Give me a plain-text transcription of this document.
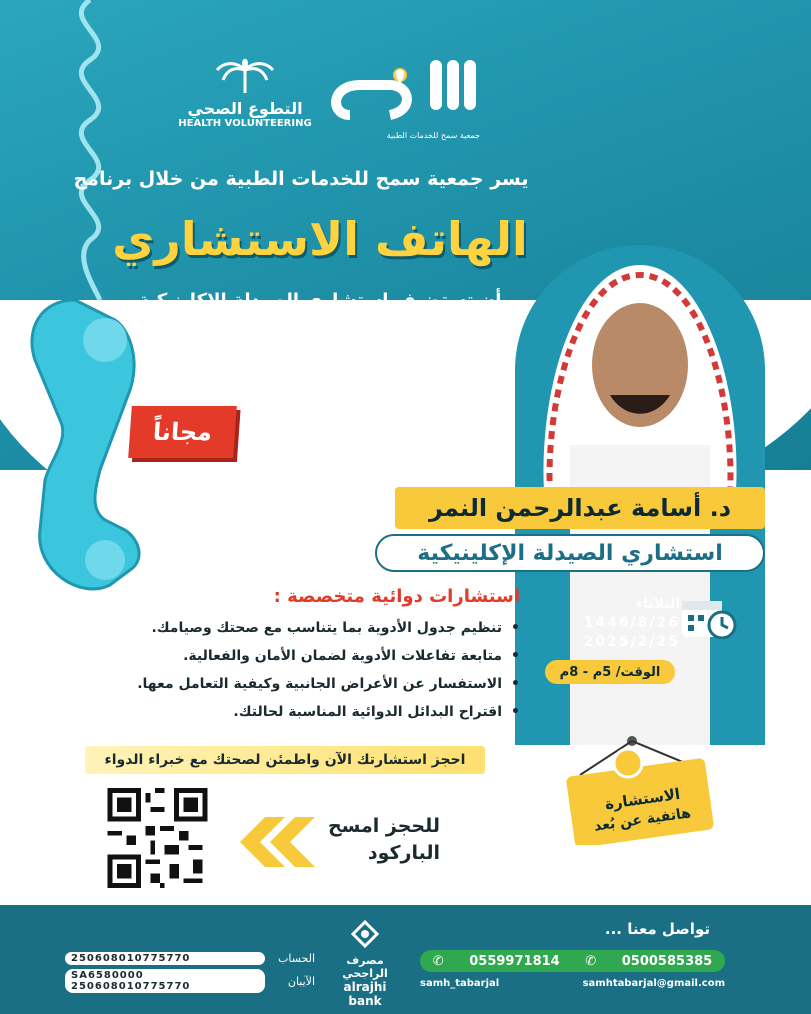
جمعية سمح للخدمات الطبية
التطوع الصحي
HEALTH VOLUNTEERING
يسر جمعية سمح للخدمات الطبية من خلال برنامج
الهاتف الاستشاري
أن تستضيف استشاري الصيدلة الإكلينيكية
مجاناً
د. أسامة عبدالرحمن النمر
استشاري الصيدلة الإكلينيكية
استشارات دوائية متخصصة :
• تنظيم جدول الأدوية بما يتناسب مع صحتك وصيامك.
• متابعة تفاعلات الأدوية لضمان الأمان والفعالية.
• الاستفسار عن الأعراض الجانبية وكيفية التعامل معها.
• اقتراح البدائل الدوائية المناسبة لحالتك.
احجز استشارتك الآن واطمئن لصحتك مع خبراء الدواء
الثلاثاء
1446/8/26
2025/2/25
الوقت/ 5م - 8م
الاستشارة
هاتفية عن بُعد
للحجز امسح
الباركود
تواصل معنا ...
✆ 0559971814 ✆ 0500585385
samh_tabarjal	samhtabarjal@gmail.com
مصرف الراجحي
alrajhi bank
250608010775770	الحساب
SA6580000 250608010775770	الآيبان
